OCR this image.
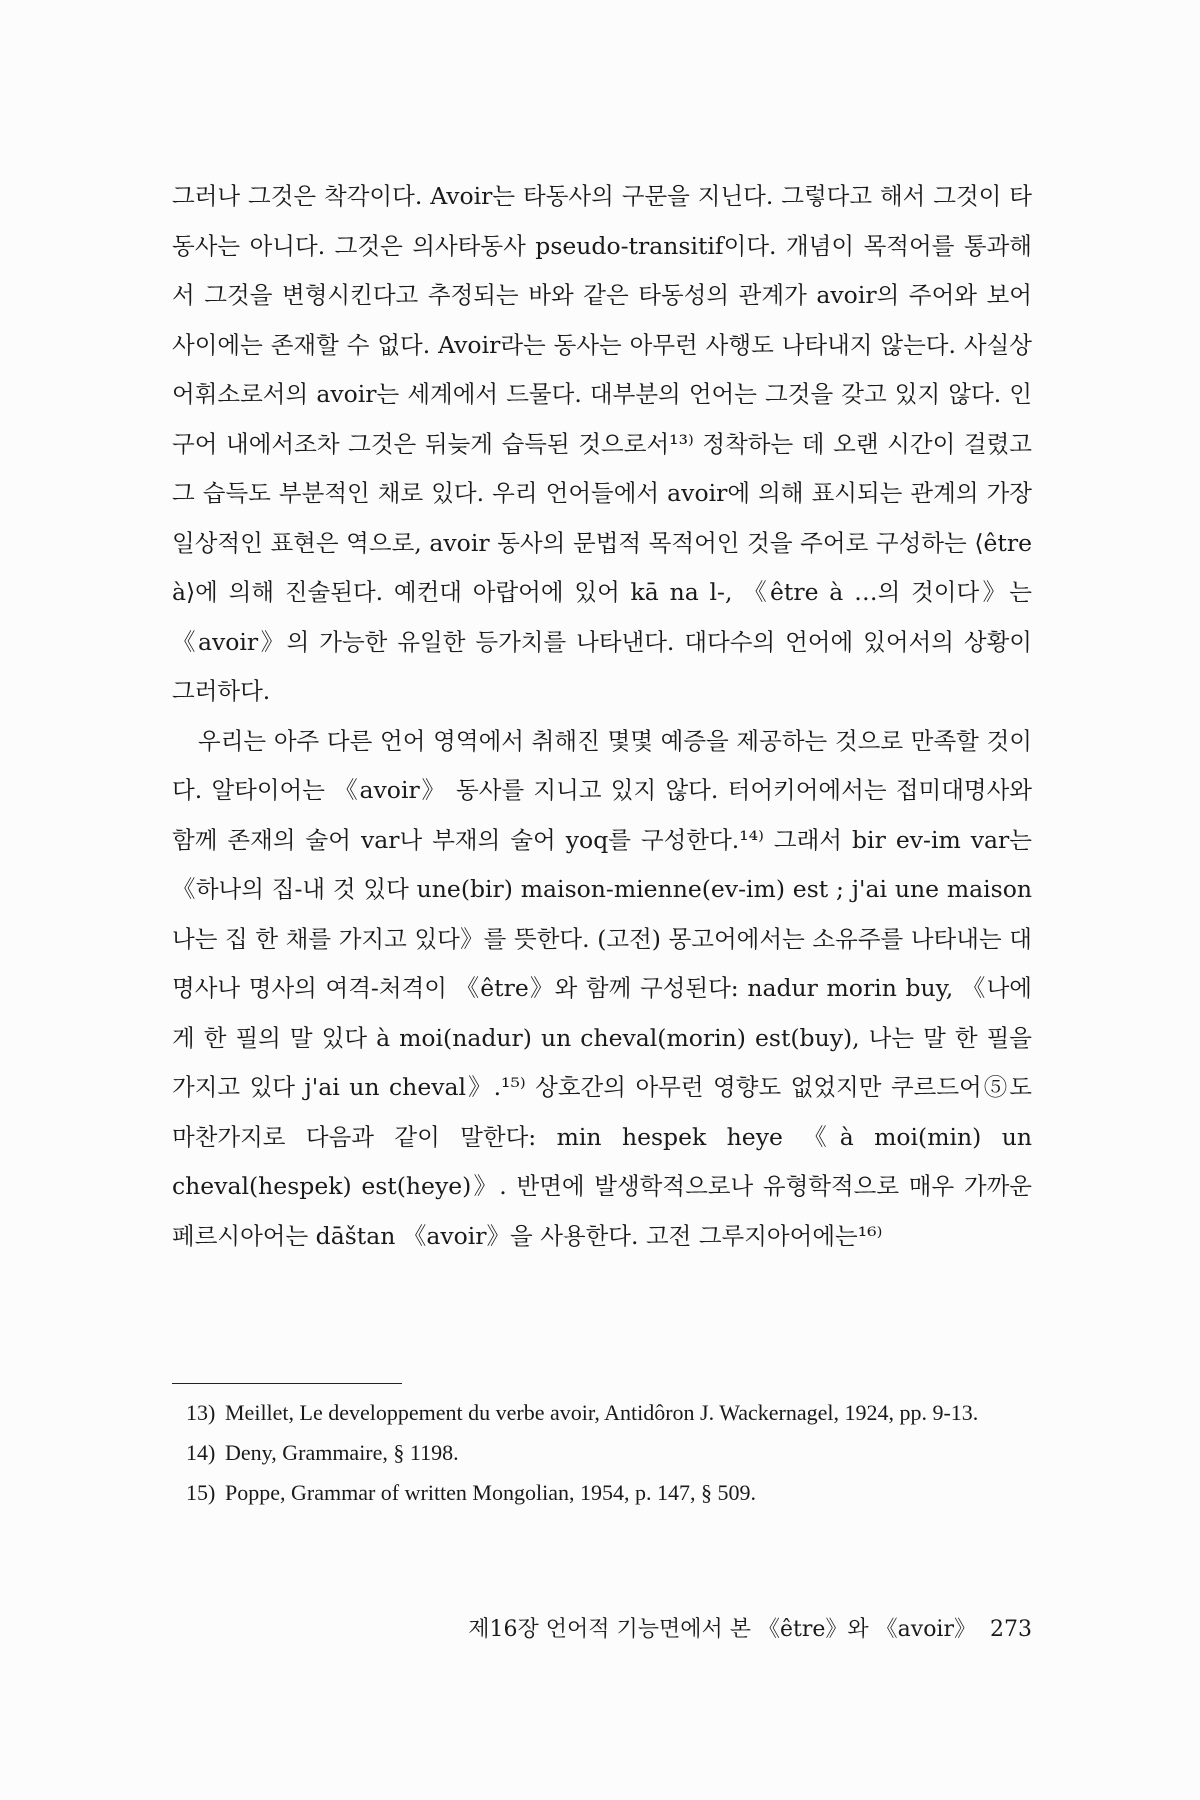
그러나 그것은 착각이다. Avoir는 타동사의 구문을 지닌다. 그렇다고 해서 그것이 타동사는 아니다. 그것은 의사타동사 pseudo-transitif이다. 개념이 목적어를 통과해서 그것을 변형시킨다고 추정되는 바와 같은 타동성의 관계가 avoir의 주어와 보어 사이에는 존재할 수 없다. Avoir라는 동사는 아무런 사행도 나타내지 않는다. 사실상 어휘소로서의 avoir는 세계에서 드물다. 대부분의 언어는 그것을 갖고 있지 않다. 인구어 내에서조차 그것은 뒤늦게 습득된 것으로서¹³⁾ 정착하는 데 오랜 시간이 걸렸고 그 습득도 부분적인 채로 있다. 우리 언어들에서 avoir에 의해 표시되는 관계의 가장 일상적인 표현은 역으로, avoir 동사의 문법적 목적어인 것을 주어로 구성하는 ⟨être à⟩에 의해 진술된다. 예컨대 아랍어에 있어 kā na l-, 《être à …의 것이다》는 《avoir》의 가능한 유일한 등가치를 나타낸다. 대다수의 언어에 있어서의 상황이 그러하다.

우리는 아주 다른 언어 영역에서 취해진 몇몇 예증을 제공하는 것으로 만족할 것이다. 알타이어는 《avoir》 동사를 지니고 있지 않다. 터어키어에서는 접미대명사와 함께 존재의 술어 var나 부재의 술어 yoq를 구성한다.¹⁴⁾ 그래서 bir ev-im var는 《하나의 집-내 것 있다 une(bir) maison-mienne(ev-im) est ; j'ai une maison 나는 집 한 채를 가지고 있다》를 뜻한다. (고전) 몽고어에서는 소유주를 나타내는 대명사나 명사의 여격-처격이 《être》와 함께 구성된다: nadur morin buy, 《나에게 한 필의 말 있다 à moi(nadur) un cheval(morin) est(buy), 나는 말 한 필을 가지고 있다 j'ai un cheval》.¹⁵⁾ 상호간의 아무런 영향도 없었지만 쿠르드어⑤도 마찬가지로 다음과 같이 말한다: min hespek heye 《à moi(min) un cheval(hespek) est(heye)》. 반면에 발생학적으로나 유형학적으로 매우 가까운 페르시아어는 dāštan 《avoir》을 사용한다. 고전 그루지아어에는¹⁶⁾

13) Meillet, Le developpement du verbe avoir, Antidôron J. Wackernagel, 1924, pp. 9-13.

14) Deny, Grammaire, § 1198.

15) Poppe, Grammar of written Mongolian, 1954, p. 147, § 509.

제16장 언어적 기능면에서 본 《être》와 《avoir》 273
